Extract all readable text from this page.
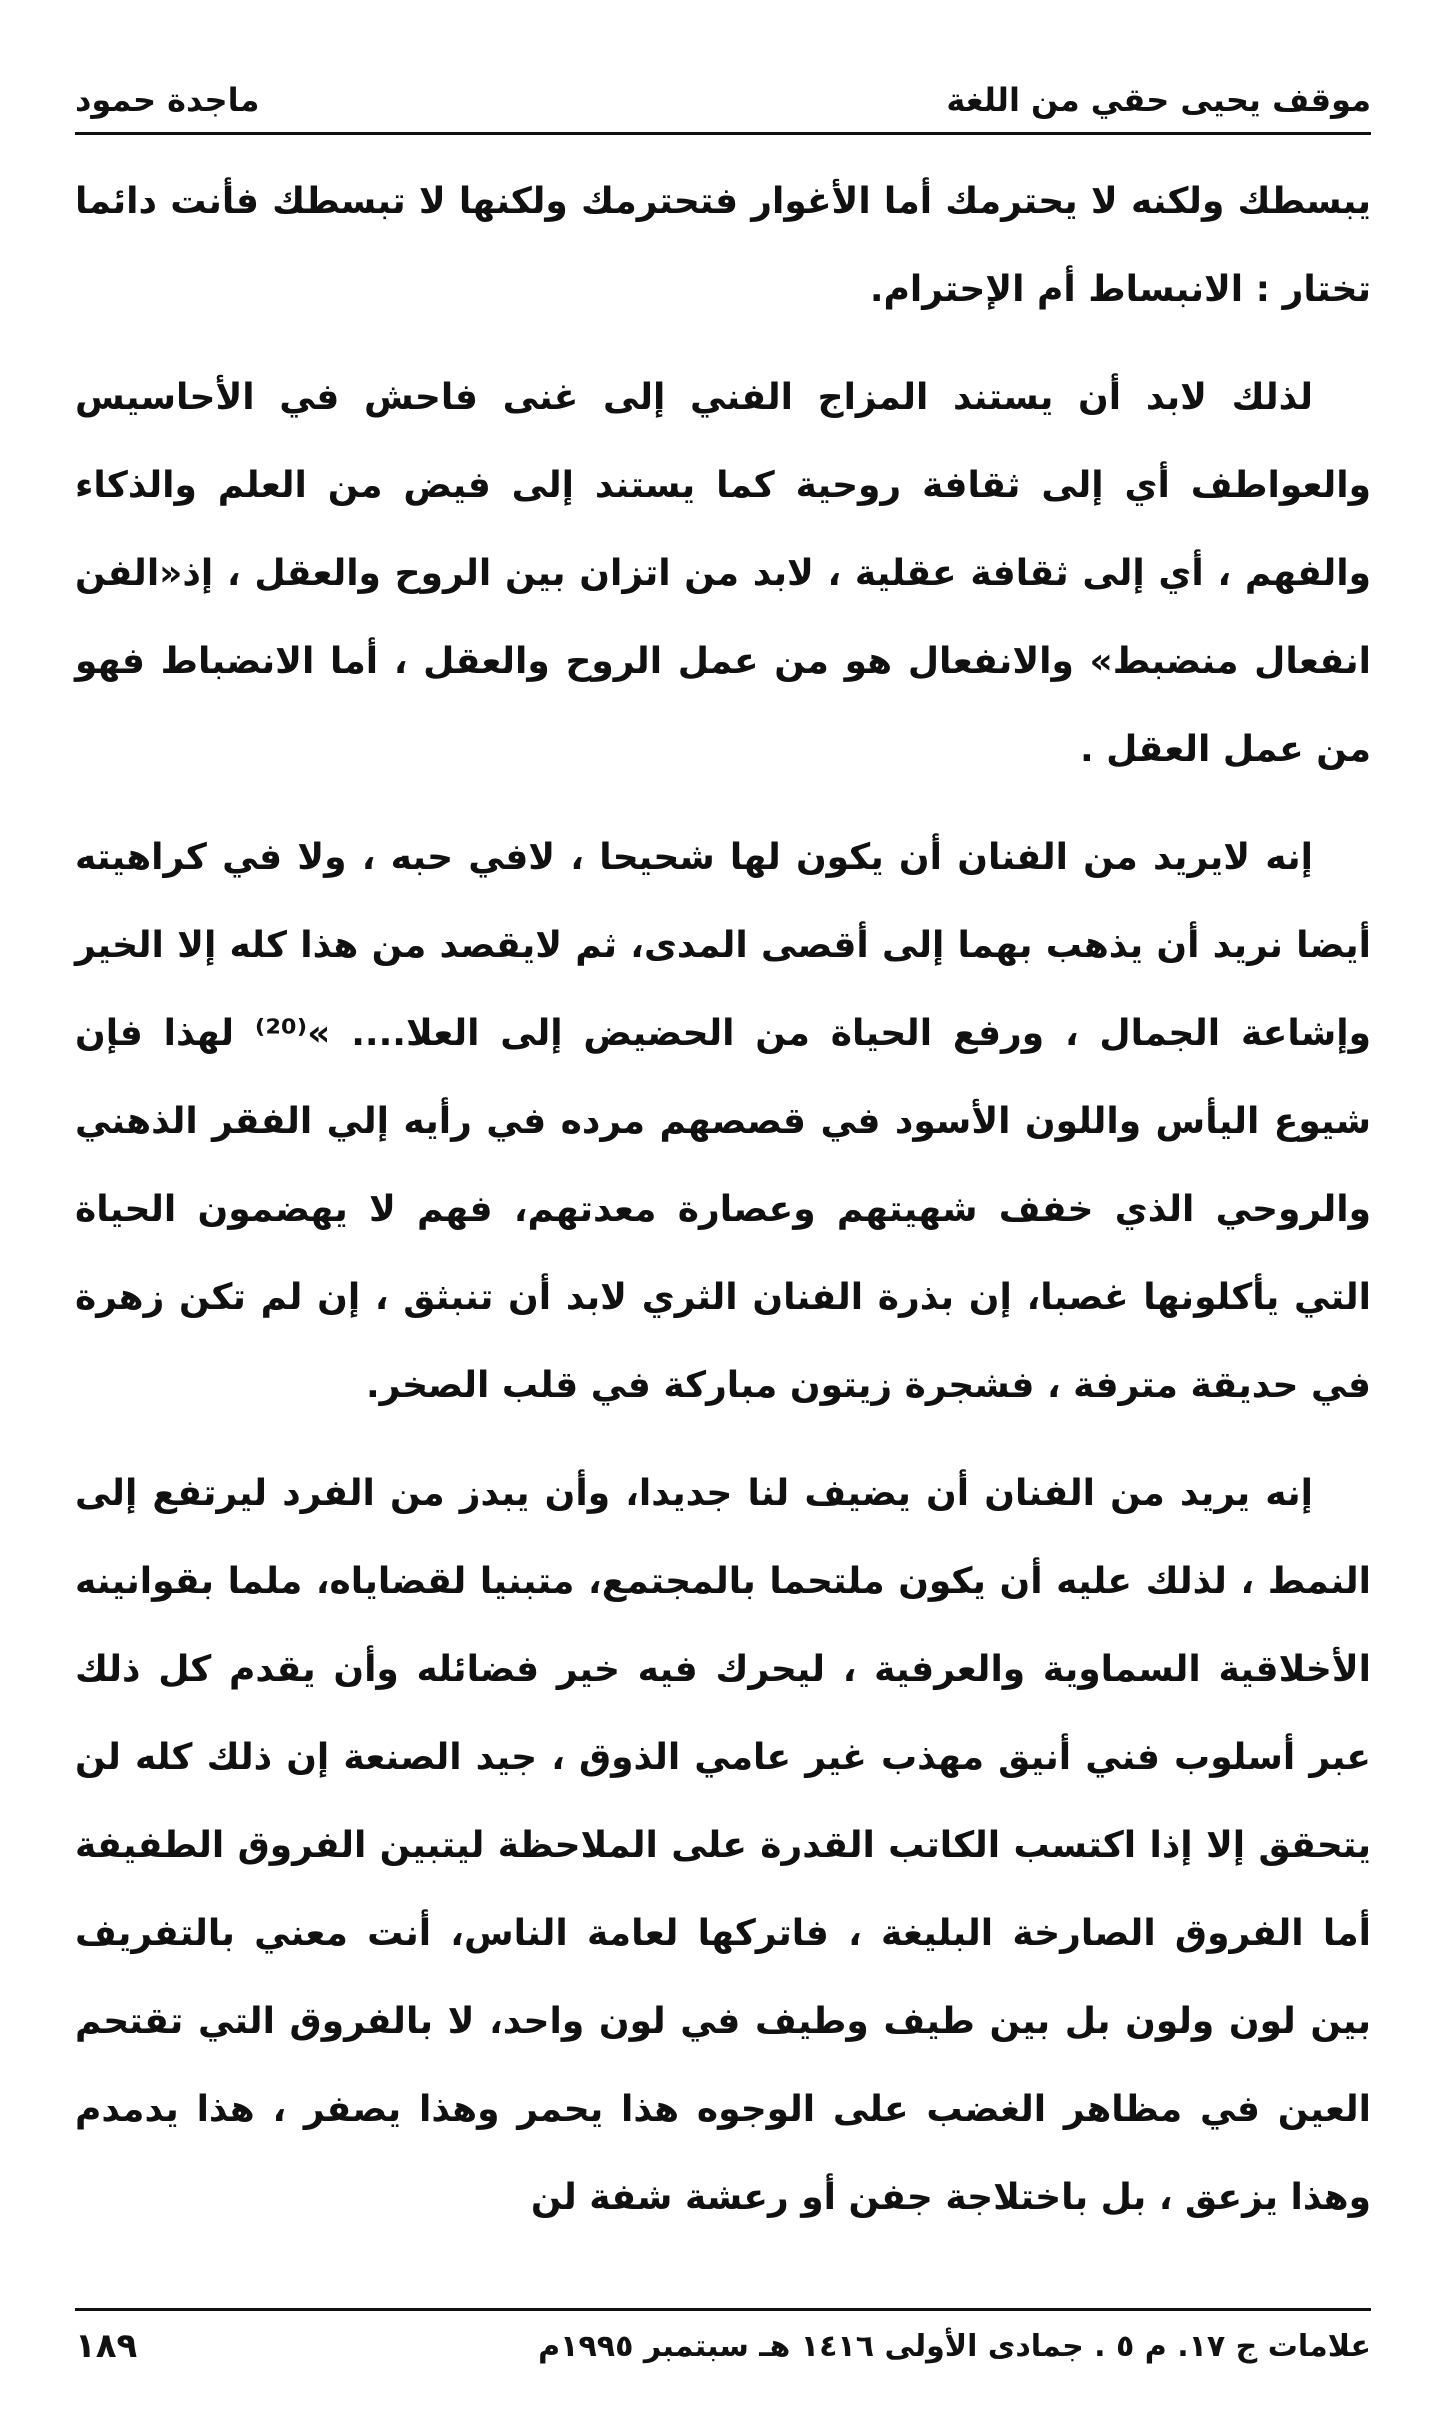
موقف يحيى حقي من اللغة
ماجدة حمود

يبسطك ولكنه لا يحترمك أما الأغوار فتحترمك ولكنها لا تبسطك فأنت دائما تختار : الانبساط أم الإحترام.

لذلك لابد أن يستند المزاج الفني إلى غنى فاحش في الأحاسيس والعواطف أي إلى ثقافة روحية كما يستند إلى فيض من العلم والذكاء والفهم ، أي إلى ثقافة عقلية ، لابد من اتزان بين الروح والعقل ، إذ«الفن انفعال منضبط» والانفعال هو من عمل الروح والعقل ، أما الانضباط فهو من عمل العقل .

إنه لايريد من الفنان أن يكون لها شحيحا ، لافي حبه ، ولا في كراهيته أيضا نريد أن يذهب بهما إلى أقصى المدى، ثم لايقصد من هذا كله إلا الخير وإشاعة الجمال ، ورفع الحياة من الحضيض إلى العلا.... »⁽²⁰⁾ لهذا فإن شيوع اليأس واللون الأسود في قصصهم مرده في رأيه إلي الفقر الذهني والروحي الذي خفف شهيتهم وعصارة معدتهم، فهم لا يهضمون الحياة التي يأكلونها غصبا، إن بذرة الفنان الثري لابد أن تنبثق ، إن لم تكن زهرة في حديقة مترفة ، فشجرة زيتون مباركة في قلب الصخر.

إنه يريد من الفنان أن يضيف لنا جديدا، وأن يبدز من الفرد ليرتفع إلى النمط ، لذلك عليه أن يكون ملتحما بالمجتمع، متبنيا لقضاياه، ملما بقوانينه الأخلاقية السماوية والعرفية ، ليحرك فيه خير فضائله وأن يقدم كل ذلك عبر أسلوب فني أنيق مهذب غير عامي الذوق ، جيد الصنعة إن ذلك كله لن يتحقق إلا إذا اكتسب الكاتب القدرة على الملاحظة ليتبين الفروق الطفيفة أما الفروق الصارخة البليغة ، فاتركها لعامة الناس، أنت معني بالتفريف بين لون ولون بل بين طيف وطيف في لون واحد، لا بالفروق التي تقتحم العين في مظاهر الغضب على الوجوه هذا يحمر وهذا يصفر ، هذا يدمدم وهذا يزعق ، بل باختلاجة جفن أو رعشة شفة لن

علامات ج ١٧. م ٥ . جمادى الأولى ١٤١٦ هـ سبتمبر ١٩٩٥م
١٨٩
